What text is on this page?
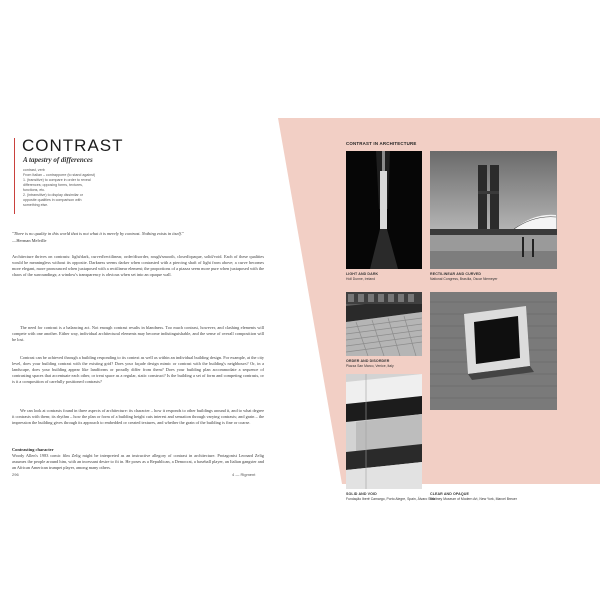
CONTRAST
A tapestry of differences
contrast, verb
From Italian – contrapporre (to stand against)
1. (transitive) to compare in order to reveal
differences; opposing forms, textures,
functions, etc.
2. (intransitive) to display dissimilar or
opposite qualities in comparison with
something else.
"There is no quality in this world that is not what it is merely by contrast. Nothing exists in itself."
—Herman Melville

Architecture thrives on contrasts: light/dark, curved/rectilinear, order/disorder, rough/smooth, closed/opaque, solid/void. Each of these qualities would be meaningless without its opposite. Darkness seems darker when contrasted with a piercing shaft of light from above; a curve becomes more elegant, more pronounced when juxtaposed with a rectilinear element; the proportions of a piazza seem more pure when juxtaposed with the chaos of the surroundings; a window's transparency is obvious when set into an opaque wall.

The need for contrast is a balancing act. Not enough contrast results in blandness. Too much contrast, however, and clashing elements will compete with one another. Either way, individual architectural elements may become indistinguishable, and the sense of overall composition will be lost.

Contrast can be achieved through a building responding to its context as well as within an individual building design. For example, at the city level, does your building contrast with the existing grid? Does your façade design mimic or contrast with the building's neighbours? Or, in a landscape, does your building appear like landforms or proudly differ from them? Does your building plan accommodate a sequence of contrasting spaces that accentuate each other, or treat space as a regular, static construct? Is the building a set of form and competing contrasts, or is it a composition of carefully positioned contrasts?

We can look at contrasts found in three aspects of architecture: its character – how it responds to other buildings around it, and to what degree it contrasts with them; its rhythm – how the plan or form of a building height cuts interest and sensation through varying contrasts; and grain – the impression the building gives through its approach to embedded or created textures, and whether the grain of the building is fine or coarse.

Contrasting character

Woody Allen's 1983 comic film Zelig might be interpreted as an instructive allegory of contrast in architecture. Protagonist Leonard Zelig assumes the people around him, with an incessant desire to fit in. He poses as a Republican, a Democrat, a baseball player, an Italian gangster and an African American trumpet player, among many others.

296	4 — Rigment
CONTRAST IN ARCHITECTURE
LIGHT AND DARK
Holl Dunne, Ireland
RECTILINEAR AND CURVED
National Congress, Brasília, Oscar Niemeyer
ORDER AND DISORDER
Piazza San Marco, Venice, Italy
SOLID AND VOID
Fundação Iberê Camargo, Porto Alegre, Spain, Álvaro Siza
CLEAR AND OPAQUE
Whitney Museum of Modern Art, New York, Marcel Breuer
